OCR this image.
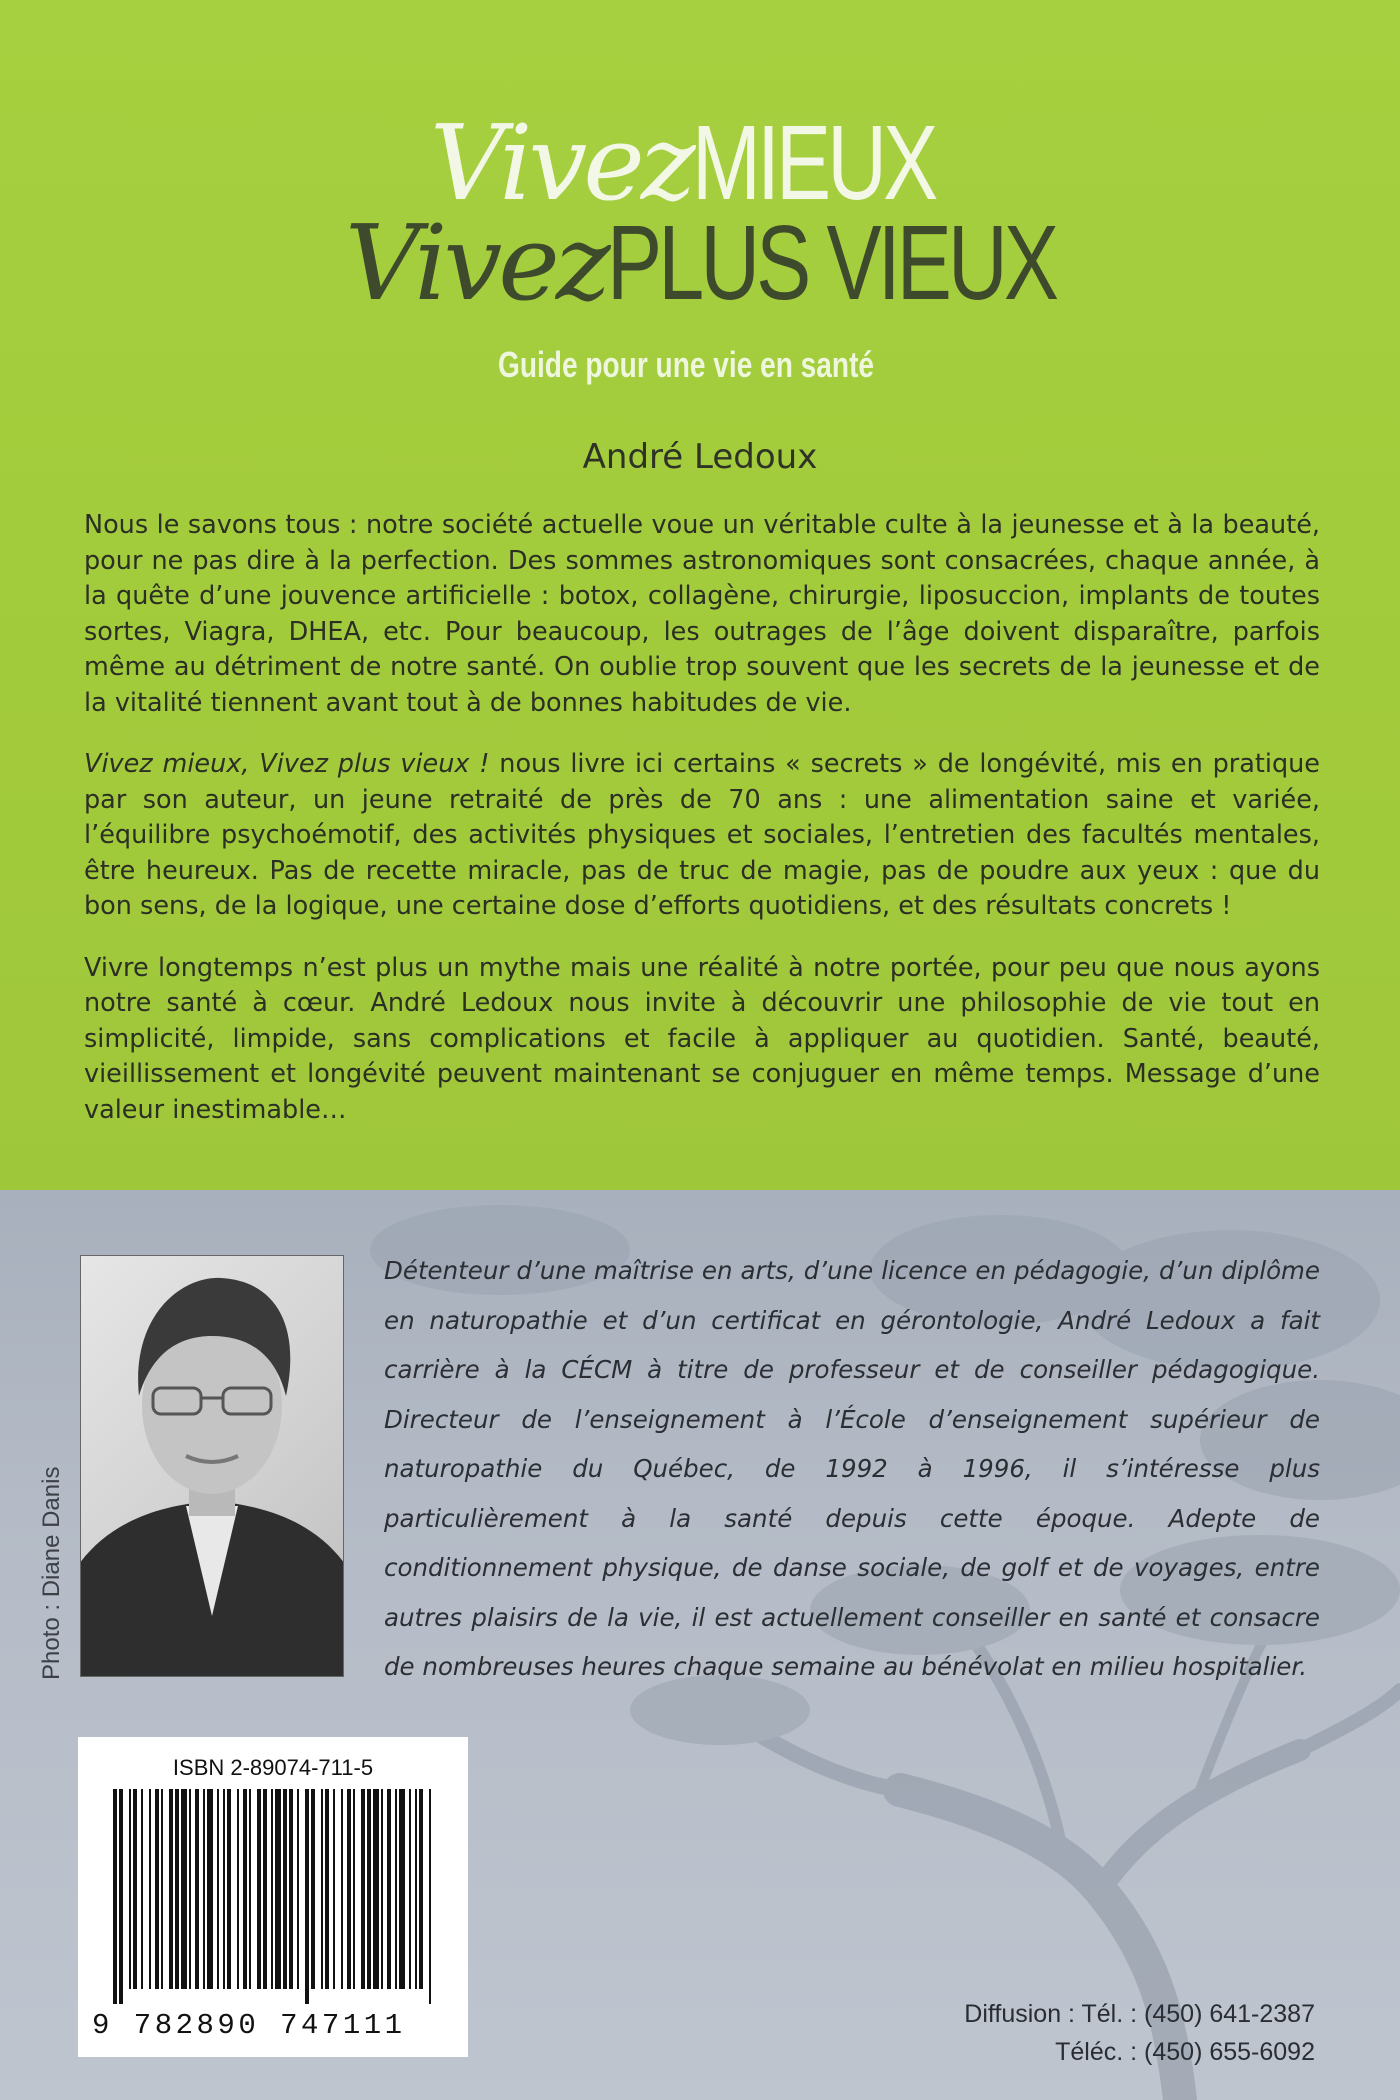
VivezMIEUX
VivezPLUS VIEUX
Guide pour une vie en santé
André Ledoux

Nous le savons tous : notre société actuelle voue un véritable culte à la jeunesse et à la beauté, pour ne pas dire à la perfection. Des sommes astronomiques sont consacrées, chaque année, à la quête d’une jouvence artificielle : botox, collagène, chirurgie, liposuccion, implants de toutes sortes, Viagra, DHEA, etc. Pour beaucoup, les outrages de l’âge doivent disparaître, parfois même au détriment de notre santé. On oublie trop souvent que les secrets de la jeunesse et de la vitalité tiennent avant tout à de bonnes habitudes de vie.

Vivez mieux, Vivez plus vieux ! nous livre ici certains « secrets » de longévité, mis en pratique par son auteur, un jeune retraité de près de 70 ans : une alimentation saine et variée, l’équilibre psychoémotif, des activités physiques et sociales, l’entretien des facultés mentales, être heureux. Pas de recette miracle, pas de truc de magie, pas de poudre aux yeux : que du bon sens, de la logique, une certaine dose d’efforts quotidiens, et des résultats concrets !

Vivre longtemps n’est plus un mythe mais une réalité à notre portée, pour peu que nous ayons notre santé à cœur. André Ledoux nous invite à découvrir une philosophie de vie tout en simplicité, limpide, sans complications et facile à appliquer au quotidien. Santé, beauté, vieillissement et longévité peuvent maintenant se conjuguer en même temps. Message d’une valeur inestimable…

Photo : Diane Danis

Détenteur d’une maîtrise en arts, d’une licence en pédagogie, d’un diplôme en naturopathie et d’un certificat en gérontologie, André Ledoux a fait carrière à la CÉCM à titre de professeur et de conseiller pédagogique. Directeur de l’enseignement à l’École d’enseignement supérieur de naturopathie du Québec, de 1992 à 1996, il s’intéresse plus particulièrement à la santé depuis cette époque. Adepte de conditionnement physique, de danse sociale, de golf et de voyages, entre autres plaisirs de la vie, il est actuellement conseiller en santé et consacre de nombreuses heures chaque semaine au bénévolat en milieu hospitalier.

ISBN 2-89074-711-5
9 782890 747111	Diffusion : Tél. : (450) 641-2387
Téléc. : (450) 655-6092
